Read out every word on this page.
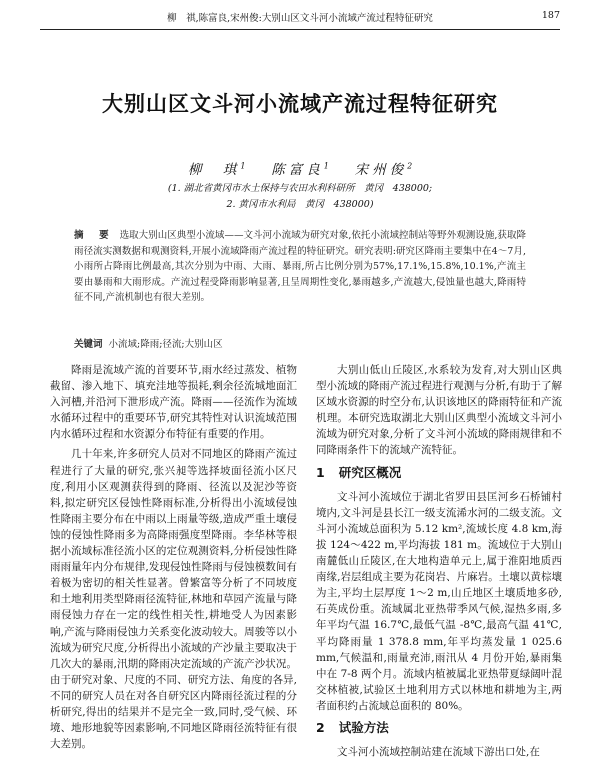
柳　祺,陈富良,宋州俊:大别山区文斗河小流域产流过程特征研究	187
大别山区文斗河小流域产流过程特征研究
柳　琪$^1$　 陈富良$^1$　 宋州俊$^2$
(1. 湖北省黄冈市水土保持与农田水利科研所　黄冈　438000;
2. 黄冈市水利局　黄冈　438000)
摘　要 选取大别山区典型小流域——文斗河小流域为研究对象,依托小流域控制站等野外观测设施,获取降雨径流实测数据和观测资料,开展小流域降雨产流过程的特征研究。研究表明:研究区降雨主要集中在4～7月,小雨所占降雨比例最高,其次分别为中雨、大雨、暴雨,所占比例分别为57%,17.1%,15.8%,10.1%,产流主要由暴雨和大雨形成。产流过程受降雨影响显著,且呈周期性变化,暴雨越多,产流越大,侵蚀量也越大,降雨特征不同,产流机制也有很大差别。
关键词 小流域;降雨;径流;大别山区

降雨是流域产流的首要环节,雨水经过蒸发、植物截留、渗入地下、填充洼地等损耗,剩余径流城地面汇入河槽,并沿河下泄形成产流。降雨——径流作为流域水循环过程中的重要环节,研究其特性对认识流域范围内水循环过程和水资源分布特征有重要的作用。

几十年来,许多研究人员对不同地区的降雨产流过程进行了大量的研究,张兴昶等选择坡面径流小区尺度,利用小区观测获得到的降雨、径流以及泥沙等资料,拟定研究区侵蚀性降雨标准,分析得出小流域侵蚀性降雨主要分布在中雨以上雨量等级,造成严重土壤侵蚀的侵蚀性降雨多为高降雨强度型降雨。李华林等根据小流域标准径流小区的定位观测资料,分析侵蚀性降雨雨量年内分布规律,发现侵蚀性降雨与侵蚀模数间有着极为密切的相关性显著。曾繁富等分析了不同坡度和土地利用类型降雨径流特征,林地和草园产流量与降雨侵蚀力存在一定的线性相关性,耕地受人为因素影响,产流与降雨侵蚀力关系变化波动较大。周骏等以小流域为研究尺度,分析得出小流域的产沙量主要取决于几次大的暴雨,汛期的降雨决定流域的产流产沙状况。由于研究对象、尺度的不同、研究方法、角度的各异,不同的研究人员在对各自研究区内降雨径流过程的分析研究,得出的结果并不是完全一致,同时,受气候、环境、地形地貌等因素影响,不同地区降雨径流特征有很大差别。

大别山低山丘陵区,水系较为发育,对大别山区典型小流域的降雨产流过程进行观测与分析,有助于了解区域水资源的时空分布,认识该地区的降雨特征和产流机理。本研究选取湖北大别山区典型小流域文斗河小流域为研究对象,分析了文斗河小流域的降雨规律和不同降雨条件下的流域产流特征。

1 研究区概况

文斗河小流域位于湖北省罗田县匡河乡石桥铺村境内,文斗河是县长江一级支流浠水河的二级支流。文斗河小流域总面积为 5.12 km²,流域长度 4.8 km,海拔 124～422 m,平均海拔 181 m。流域位于大别山南麓低山丘陵区,在大地构造单元上,属于淮阳地质西南缘,岩层组成主要为花岗岩、片麻岩。土壤以黄棕壤为主,平均土层厚度 1～2 m,山丘地区土壤质地多砂,石英成份重。流域属北亚热带季风气候,湿热多雨,多年平均气温 16.7℃,最低气温 -8℃,最高气温 41℃,平均降雨量 1 378.8 mm,年平均蒸发量 1 025.6 mm,气候温和,雨量充沛,雨汛从 4 月份开始,暴雨集中在 7-8 两个月。流域内植被属北亚热带夏绿阔叶混交林植被,试验区土地利用方式以林地和耕地为主,两者面积约占流域总面积的 80%。

2 试验方法

文斗河小流域控制站建在流域下游出口处,在
